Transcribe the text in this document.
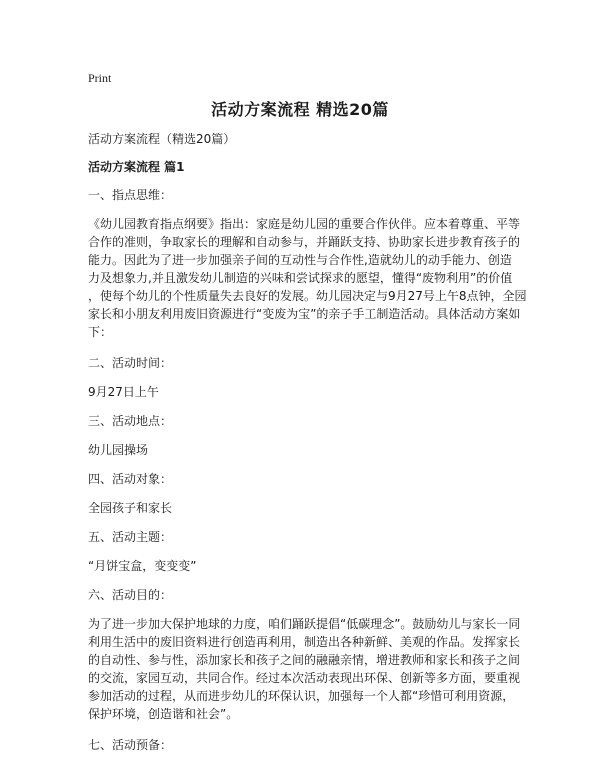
Print
活动方案流程 精选20篇

活动方案流程（精选20篇）

活动方案流程 篇1

一、指点思维：

《幼儿园教育指点纲要》指出：家庭是幼儿园的重要合作伙伴。应本着尊重、平等
合作的准则，争取家长的理解和自动参与，并踊跃支持、协助家长进步教育孩子的
能力。因此为了进一步加强亲子间的互动性与合作性,造就幼儿的动手能力、创造
力及想象力,并且激发幼儿制造的兴味和尝试探求的愿望，懂得“废物利用”的价值
，使每个幼儿的个性质量失去良好的发展。幼儿园决定与9月27号上午8点钟，全园
家长和小朋友利用废旧资源进行“变废为宝”的亲子手工制造活动。具体活动方案如
下：

二、活动时间：

9月27日上午

三、活动地点：

幼儿园操场

四、活动对象：

全园孩子和家长

五、活动主题：

“月饼宝盒，变变变”

六、活动目的：

为了进一步加大保护地球的力度，咱们踊跃提倡“低碳理念”。鼓励幼儿与家长一同
利用生活中的废旧资料进行创造再利用，制造出各种新鲜、美观的作品。发挥家长
的自动性、参与性，添加家长和孩子之间的融融亲情，增进教师和家长和孩子之间
的交流，家园互动，共同合作。经过本次活动表现出环保、创新等多方面，要重视
参加活动的过程，从而进步幼儿的环保认识，加强每一个人都“珍惜可利用资源，
保护环境，创造谐和社会”。

七、活动预备：
